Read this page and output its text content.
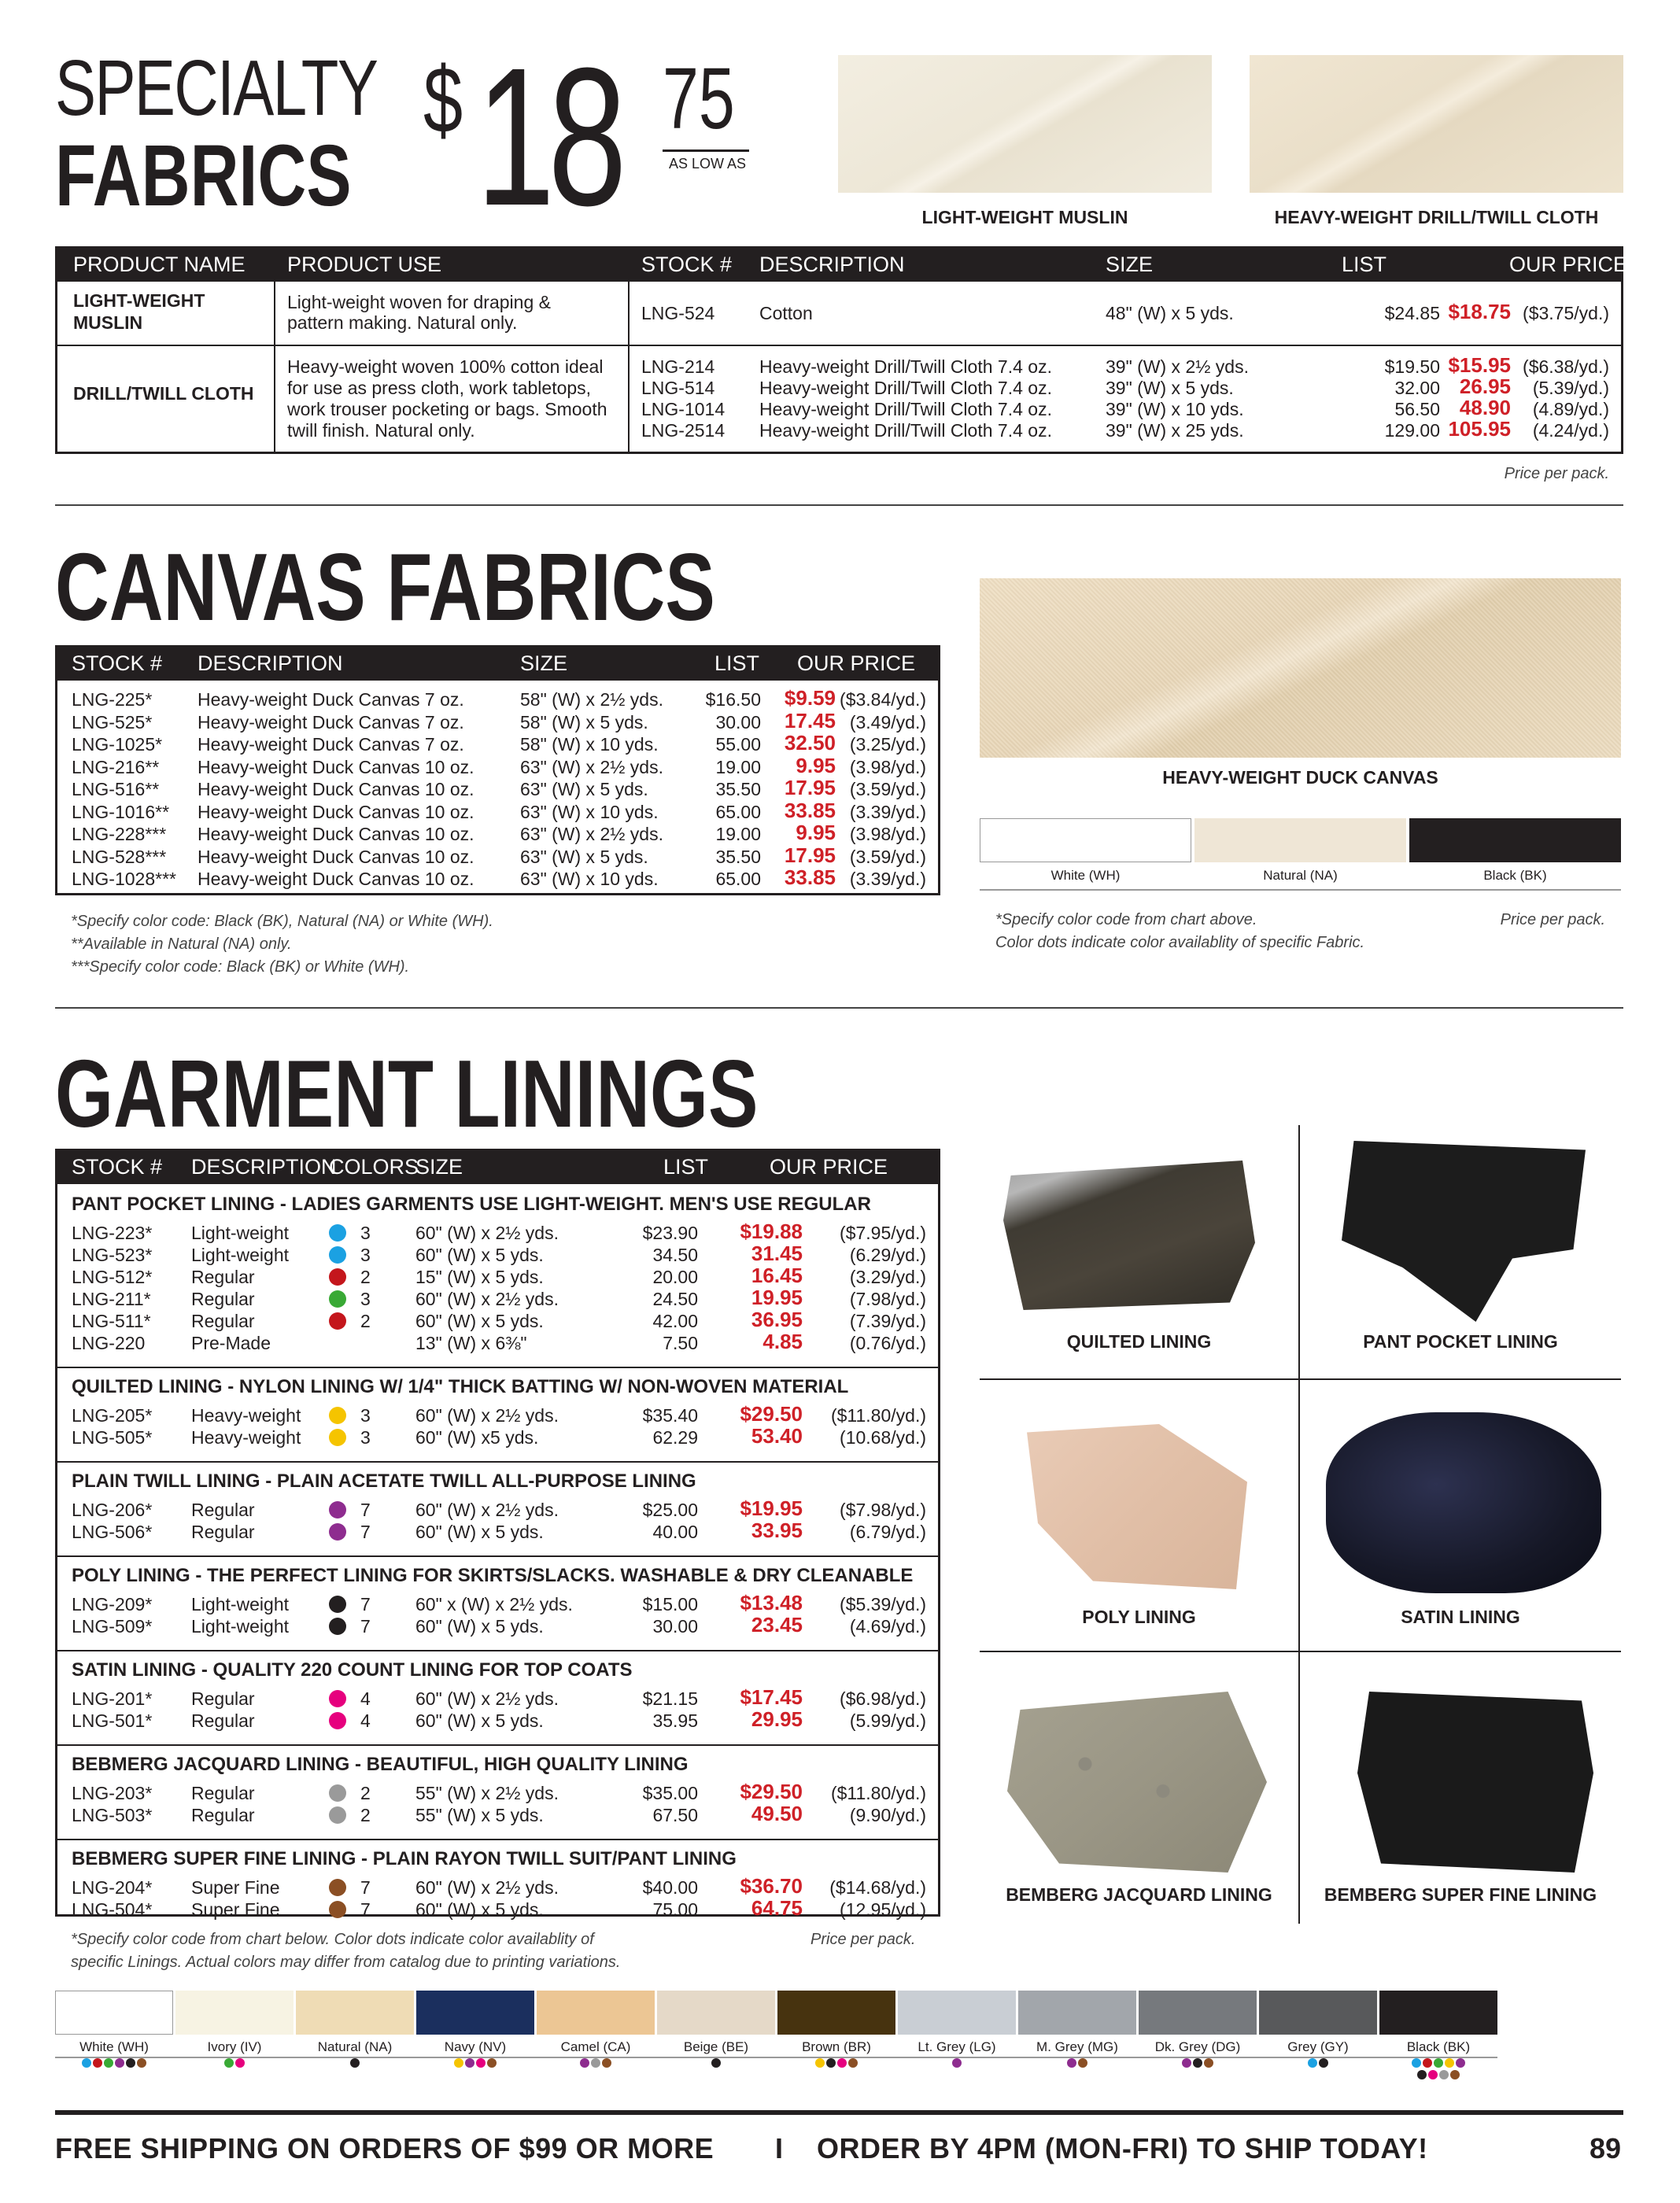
SPECIALTY
FABRICS
$ 18 75
AS LOW AS
LIGHT-WEIGHT MUSLIN	HEAVY-WEIGHT DRILL/TWILL CLOTH
PRODUCT NAME PRODUCT USE	STOCK # DESCRIPTION	SIZE	LIST	OUR PRICE
LIGHT-WEIGHT
MUSLIN
Light-weight woven for draping &
pattern making. Natural only.	LNG-524 Cotton	48" (W) x 5 yds.	$24.85 $18.75 ($3.75/yd.)
DRILL/TWILL CLOTH
Heavy-weight woven 100% cotton ideal
for use as press cloth, work tabletops,
work trouser pocketing or bags. Smooth
twill finish. Natural only.
LNG-214 Heavy-weight Drill/Twill Cloth 7.4 oz.	39" (W) x 2½ yds.	$19.50 $15.95 ($6.38/yd.)
LNG-514 Heavy-weight Drill/Twill Cloth 7.4 oz.	39" (W) x 5 yds.	32.00 26.95 (5.39/yd.)
LNG-1014 Heavy-weight Drill/Twill Cloth 7.4 oz.	39" (W) x 10 yds.	56.50 48.90 (4.89/yd.)
LNG-2514 Heavy-weight Drill/Twill Cloth 7.4 oz.	39" (W) x 25 yds.	129.00 105.95 (4.24/yd.)
Price per pack.
CANVAS FABRICS
STOCK # DESCRIPTION	SIZE	LIST OUR PRICE
LNG-225*	Heavy-weight Duck Canvas 7 oz.	58" (W) x 2½ yds. $16.50 $9.59 ($3.84/yd.)
LNG-525*	Heavy-weight Duck Canvas 7 oz.	58" (W) x 5 yds.	30.00 17.45 (3.49/yd.)
LNG-1025* Heavy-weight Duck Canvas 7 oz.	58" (W) x 10 yds.	55.00 32.50 (3.25/yd.)
LNG-216** Heavy-weight Duck Canvas 10 oz.	63" (W) x 2½ yds.	19.00 9.95 (3.98/yd.)
LNG-516** Heavy-weight Duck Canvas 10 oz.	63" (W) x 5 yds.	35.50 17.95 (3.59/yd.)
LNG-1016** Heavy-weight Duck Canvas 10 oz.	63" (W) x 10 yds.	65.00 33.85 (3.39/yd.)
LNG-228*** Heavy-weight Duck Canvas 10 oz.	63" (W) x 2½ yds.	19.00 9.95 (3.98/yd.)
LNG-528*** Heavy-weight Duck Canvas 10 oz.	63" (W) x 5 yds.	35.50 17.95 (3.59/yd.)
LNG-1028*** Heavy-weight Duck Canvas 10 oz.	63" (W) x 10 yds.	65.00 33.85 (3.39/yd.)
*Specify color code: Black (BK), Natural (NA) or White (WH).
**Available in Natural (NA) only.
***Specify color code: Black (BK) or White (WH).
HEAVY-WEIGHT DUCK CANVAS
White (WH)	Natural (NA)	Black (BK)
*Specify color code from chart above.
Color dots indicate color availablity of specific Fabric.
Price per pack.
GARMENT LININGS
STOCK # DESCRIPTION
COLORS
SIZE	LIST	OUR PRICE
PANT POCKET LINING - LADIES GARMENTS USE LIGHT-WEIGHT. MEN'S USE REGULAR
LNG-223* Light-weight	3 60" (W) x 2½ yds.	$23.90 $19.88 ($7.95/yd.)
LNG-523* Light-weight	3 60" (W) x 5 yds.	34.50	31.45	(6.29/yd.)
LNG-512* Regular	2 15" (W) x 5 yds.	20.00	16.45	(3.29/yd.)
LNG-211* Regular	3 60" (W) x 2½ yds.	24.50	19.95	(7.98/yd.)
LNG-511* Regular	2 60" (W) x 5 yds.	42.00	36.95	(7.39/yd.)
LNG-220	Pre-Made	13" (W) x 6⅜"	7.50	4.85	(0.76/yd.)
QUILTED LINING - NYLON LINING W/ 1/4" THICK BATTING W/ NON-WOVEN MATERIAL
LNG-205* Heavy-weight	3 60" (W) x 2½ yds.	$35.40 $29.50 ($11.80/yd.)
LNG-505* Heavy-weight	3 60" (W) x5 yds.	62.29	53.40 (10.68/yd.)
PLAIN TWILL LINING - PLAIN ACETATE TWILL ALL-PURPOSE LINING
LNG-206* Regular	7 60" (W) x 2½ yds.	$25.00 $19.95 ($7.98/yd.)
LNG-506* Regular	7 60" (W) x 5 yds.	40.00	33.95	(6.79/yd.)
POLY LINING - THE PERFECT LINING FOR SKIRTS/SLACKS. WASHABLE & DRY CLEANABLE
LNG-209* Light-weight	7 60" x (W) x 2½ yds.	$15.00 $13.48 ($5.39/yd.)
LNG-509* Light-weight	7 60" (W) x 5 yds.	30.00	23.45	(4.69/yd.)
SATIN LINING - QUALITY 220 COUNT LINING FOR TOP COATS
LNG-201* Regular	4 60" (W) x 2½ yds.	$21.15 $17.45 ($6.98/yd.)
LNG-501* Regular	4 60" (W) x 5 yds.	35.95	29.95	(5.99/yd.)
BEBMERG JACQUARD LINING - BEAUTIFUL, HIGH QUALITY LINING
LNG-203* Regular	2 55" (W) x 2½ yds.	$35.00 $29.50 ($11.80/yd.)
LNG-503* Regular	2 55" (W) x 5 yds.	67.50	49.50	(9.90/yd.)
BEBMERG SUPER FINE LINING - PLAIN RAYON TWILL SUIT/PANT LINING
LNG-204* Super Fine	7 60" (W) x 2½ yds.	$40.00 $36.70 ($14.68/yd.)
LNG-504* Super Fine	7 60" (W) x 5 yds.	75.00	64.75 (12.95/yd.)
*Specify color code from chart below. Color dots indicate color availablity of
specific Linings. Actual colors may differ from catalog due to printing variations.
Price per pack.
QUILTED LINING	PANT POCKET LINING
POLY LINING	SATIN LINING
BEMBERG JACQUARD LINING	BEMBERG SUPER FINE LINING
White (WH)	Ivory (IV)	Natural (NA)	Navy (NV)	Camel (CA)	Beige (BE)	Brown (BR)	Lt. Grey (LG)	M. Grey (MG)	Dk. Grey (DG)	Grey (GY)	Black (BK)
FREE SHIPPING ON ORDERS OF $99 OR MORE I ORDER BY 4PM (MON-FRI) TO SHIP TODAY!	89
